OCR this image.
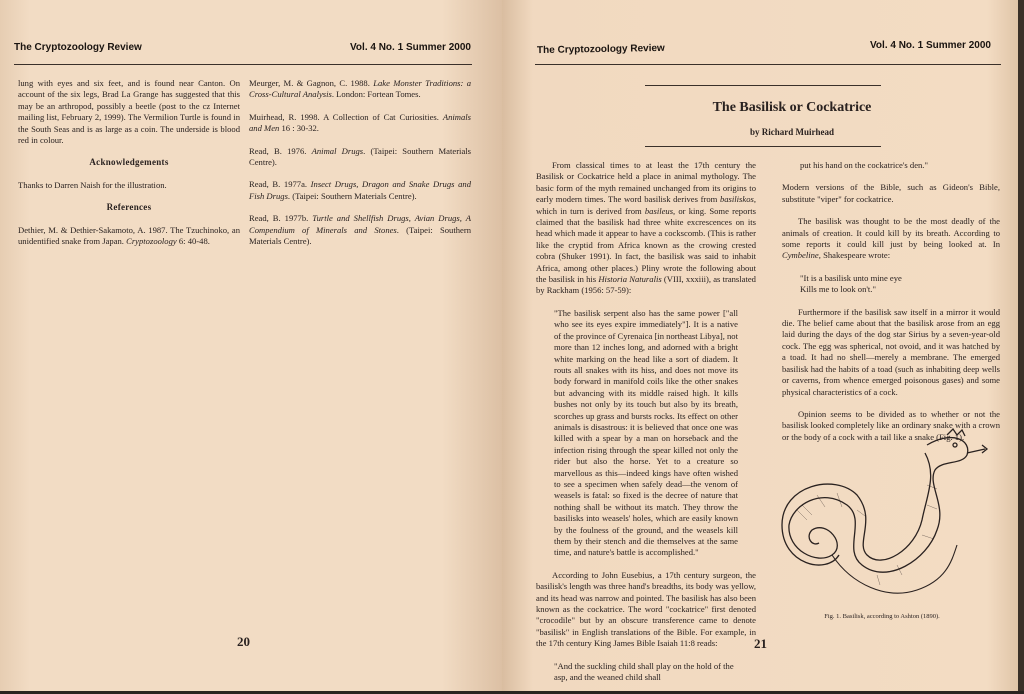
The Cryptozoology Review	Vol. 4 No. 1 Summer 2000

lung with eyes and six feet, and is found near Canton. On account of the six legs, Brad La Grange has suggested that this may be an arthropod, possibly a beetle (post to the cz Internet mailing list, February 2, 1999). The Vermilion Turtle is found in the South Seas and is as large as a coin. The underside is blood red in colour.

Acknowledgements

Thanks to Darren Naish for the illustration.

References

Dethier, M. & Dethier-Sakamoto, A. 1987. The Tzuchinoko, an unidentified snake from Japan. Cryptozoology 6: 40-48.

Meurger, M. & Gagnon, C. 1988. Lake Monster Traditions: a Cross-Cultural Analysis. London: Fortean Tomes.

Muirhead, R. 1998. A Collection of Cat Curiosities. Animals and Men 16 : 30-32.

Read, B. 1976. Animal Drugs. (Taipei: Southern Materials Centre).

Read, B. 1977a. Insect Drugs, Dragon and Snake Drugs and Fish Drugs. (Taipei: Southern Materials Centre).

Read, B. 1977b. Turtle and Shellfish Drugs, Avian Drugs, A Compendium of Minerals and Stones. (Taipei: Southern Materials Centre).

20
The Cryptozoology Review	Vol. 4 No. 1 Summer 2000
The Basilisk or Cockatrice
by Richard Muirhead

From classical times to at least the 17th century the Basilisk or Cockatrice held a place in animal mythology. The basic form of the myth remained unchanged from its origins to early modern times. The word basilisk derives from basiliskos, which in turn is derived from basileus, or king. Some reports claimed that the basilisk had three white excrescences on its head which made it appear to have a cockscomb. (This is rather like the cryptid from Africa known as the crowing crested cobra (Shuker 1991). In fact, the basilisk was said to inhabit Africa, among other places.) Pliny wrote the following about the basilisk in his Historia Naturalis (VIII, xxxiii), as translated by Rackham (1956: 57-59):

"The basilisk serpent also has the same power ["all who see its eyes expire immediately"]. It is a native of the province of Cyrenaica [in northeast Libya], not more than 12 inches long, and adorned with a bright white marking on the head like a sort of diadem. It routs all snakes with its hiss, and does not move its body forward in manifold coils like the other snakes but advancing with its middle raised high. It kills bushes not only by its touch but also by its breath, scorches up grass and bursts rocks. Its effect on other animals is disastrous: it is believed that once one was killed with a spear by a man on horseback and the infection rising through the spear killed not only the rider but also the horse. Yet to a creature so marvellous as this—indeed kings have often wished to see a specimen when safely dead—the venom of weasels is fatal: so fixed is the decree of nature that nothing shall be without its match. They throw the basilisks into weasels' holes, which are easily known by the foulness of the ground, and the weasels kill them by their stench and die themselves at the same time, and nature's battle is accomplished."

According to John Eusebius, a 17th century surgeon, the basilisk's length was three hand's breadths, its body was yellow, and its head was narrow and pointed. The basilisk has also been known as the cockatrice. The word "cockatrice" first denoted "crocodile" but by an obscure transference came to denote "basilisk" in English translations of the Bible. For example, in the 17th century King James Bible Isaiah 11:8 reads:

"And the suckling child shall play on the hold of the asp, and the weaned child shall

put his hand on the cockatrice's den."

Modern versions of the Bible, such as Gideon's Bible, substitute "viper" for cockatrice.

The basilisk was thought to be the most deadly of the animals of creation. It could kill by its breath. According to some reports it could kill just by being looked at. In Cymbeline, Shakespeare wrote:

"It is a basilisk unto mine eye
Kills me to look on't."

Furthermore if the basilisk saw itself in a mirror it would die. The belief came about that the basilisk arose from an egg laid during the days of the dog star Sirius by a seven-year-old cock. The egg was spherical, not ovoid, and it was hatched by a toad. It had no shell—merely a membrane. The emerged basilisk had the habits of a toad (such as inhabiting deep wells or caverns, from whence emerged poisonous gases) and some physical characteristics of a cock.

Opinion seems to be divided as to whether or not the basilisk looked completely like an ordinary snake with a crown or the body of a cock with a tail like a snake (Fig. 1).

Fig. 1. Basilisk, according to Ashton (1890).
21
